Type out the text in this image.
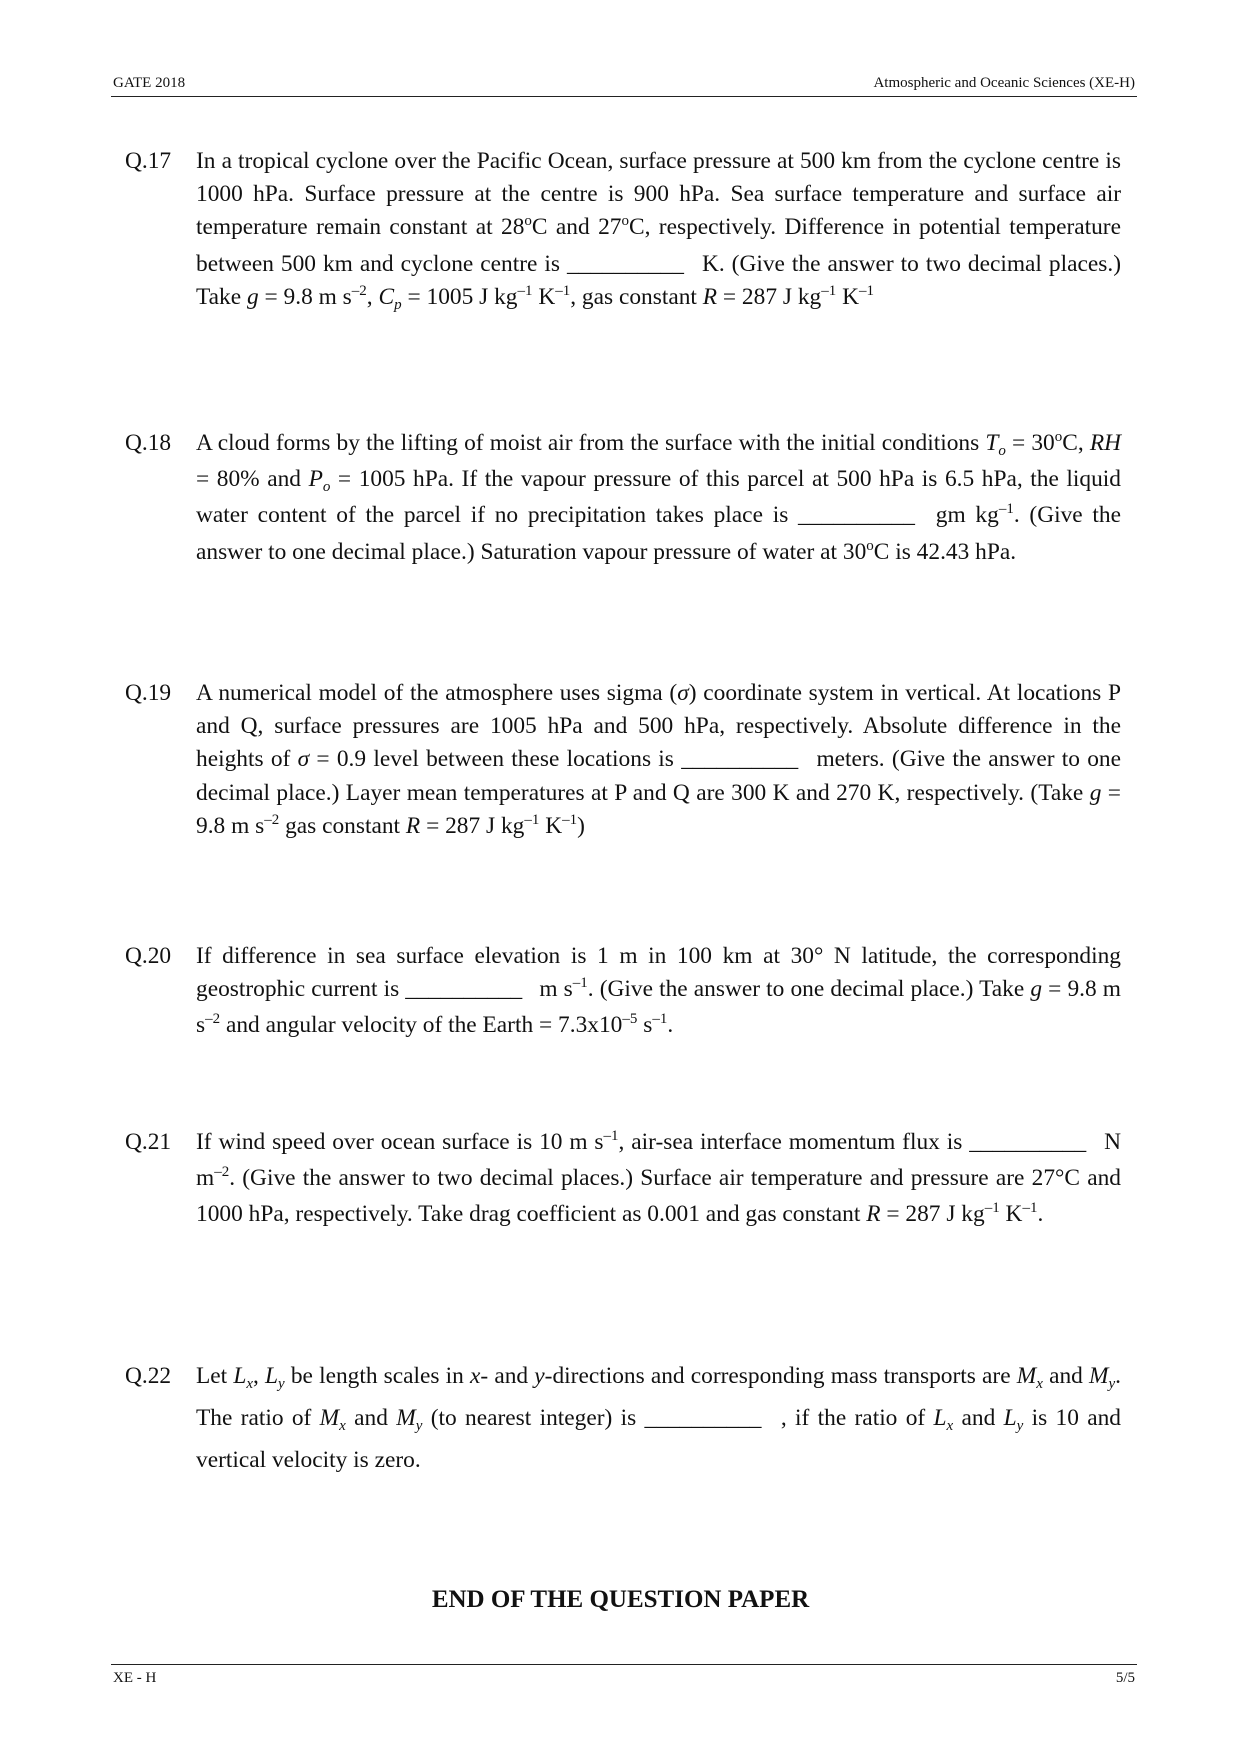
GATE 2018	Atmospheric and Oceanic Sciences (XE-H)
Q.17 In a tropical cyclone over the Pacific Ocean, surface pressure at 500 km from the cyclone centre is 1000 hPa. Surface pressure at the centre is 900 hPa. Sea surface temperature and surface air temperature remain constant at 28$^o$C and 27$^o$C, respectively. Difference in potential temperature between 500 km and cyclone centre is _____	K. (Give the answer to two decimal places.) Take g = 9.8 m $s^{-2}$, $C_p = 1005$ J $kg^{-1}$ $K^{-1}$, gas constant R = 287 J $kg^{-1}$ $K^{-1}$
Q.18 A cloud forms by the lifting of moist air from the surface with the initial conditions $T_o = 30^oC$, RH = 80% and $P_o = 1005$ hPa. If the vapour pressure of this parcel at 500 hPa is 6.5 hPa, the liquid water content of the parcel if no precipitation takes place is _____	gm $kg^{-1}$. (Give the answer to one decimal place.) Saturation vapour pressure of water at 30$^o$C is 42.43 hPa.
Q.19 A numerical model of the atmosphere uses sigma (σ) coordinate system in vertical. At locations P and Q, surface pressures are 1005 hPa and 500 hPa, respectively. Absolute difference in the heights of σ = 0.9 level between these locations is _____	meters. (Give the answer to one decimal place.) Layer mean temperatures at P and Q are 300 K and 270 K, respectively. (Take g = 9.8 m $s^{-2}$ gas constant R = 287 J $kg^{-1}$ $K^{-1}$)
Q.20 If difference in sea surface elevation is 1 m in 100 km at 30° N latitude, the corresponding geostrophic current is _____	m $s^{-1}$. (Give the answer to one decimal place.) Take g = 9.8 m $s^{-2}$ and angular velocity of the Earth = $7.3x10^{-5}$ $s^{-1}$.
Q.21 If wind speed over ocean surface is 10 m $s^{-1}$, air-sea interface momentum flux is _____	N $m^{-2}$. (Give the answer to two decimal places.) Surface air temperature and pressure are 27°C and 1000 hPa, respectively. Take drag coefficient as 0.001 and gas constant R = 287 J $kg^{-1}$ $K^{-1}$.
Q.22 Let $L_x$, $L_y$ be length scales in x- and y-directions and corresponding mass transports are $M_x$ and $M_y$. The ratio of $M_x$ and $M_y$ (to nearest integer) is _____	, if the ratio of $L_x$ and $L_y$ is 10 and vertical velocity is zero.
END OF THE QUESTION PAPER
XE - H	5/5
